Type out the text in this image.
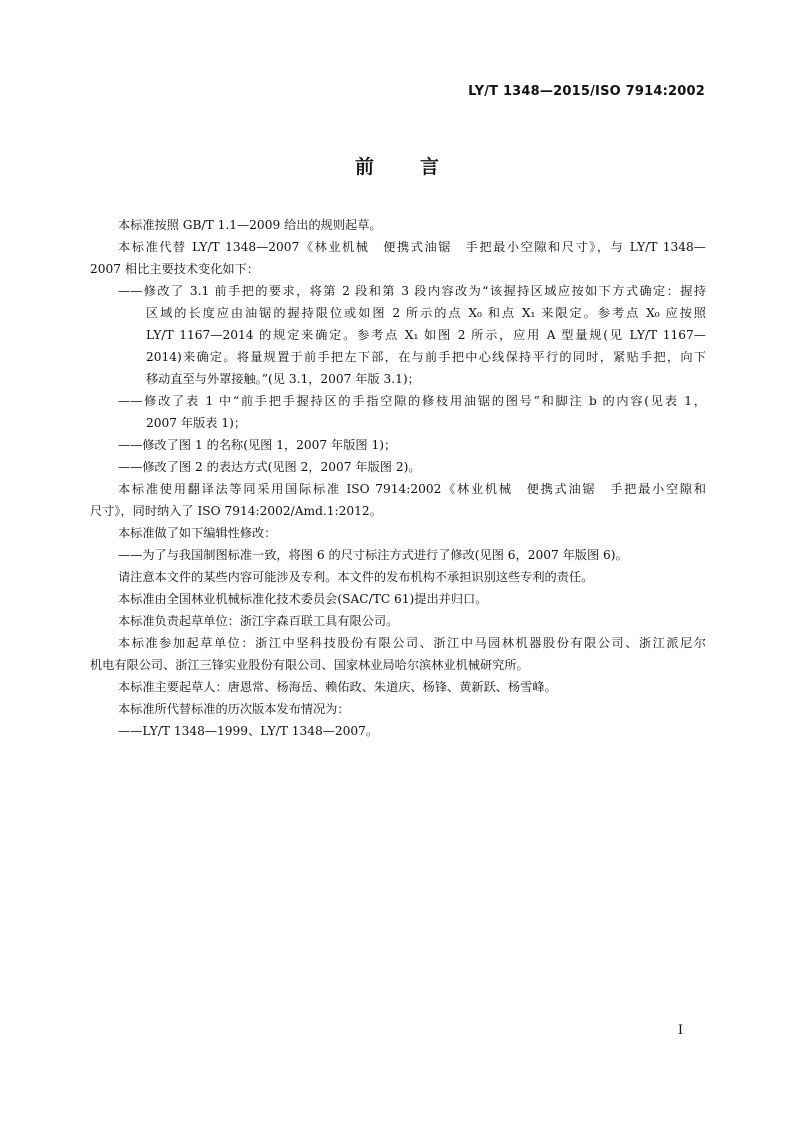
LY/T 1348—2015/ISO 7914:2002
前 言
本标准按照 GB/T 1.1—2009 给出的规则起草。
本标准代替 LY/T 1348—2007《林业机械　便携式油锯　手把最小空隙和尺寸》，与 LY/T 1348—
2007 相比主要技术变化如下：
——修改了 3.1 前手把的要求，将第 2 段和第 3 段内容改为“该握持区域应按如下方式确定：握持
区域的长度应由油锯的握持限位或如图 2 所示的点 X₀ 和点 X₁ 来限定。参考点 X₀ 应按照
LY/T 1167—2014 的规定来确定。参考点 X₁ 如图 2 所示，应用 A 型量规(见 LY/T 1167—
2014)来确定。将量规置于前手把左下部，在与前手把中心线保持平行的同时，紧贴手把，向下
移动直至与外罩接触。”(见 3.1，2007 年版 3.1)；
——修改了表 1 中“前手把手握持区的手指空隙的修枝用油锯的图号”和脚注 b 的内容(见表 1，
2007 年版表 1)；
——修改了图 1 的名称(见图 1，2007 年版图 1)；
——修改了图 2 的表达方式(见图 2，2007 年版图 2)。
本标准使用翻译法等同采用国际标准 ISO 7914:2002《林业机械　便携式油锯　手把最小空隙和
尺寸》，同时纳入了 ISO 7914:2002/Amd.1:2012。
本标准做了如下编辑性修改：
——为了与我国制图标准一致，将图 6 的尺寸标注方式进行了修改(见图 6，2007 年版图 6)。
请注意本文件的某些内容可能涉及专利。本文件的发布机构不承担识别这些专利的责任。
本标准由全国林业机械标准化技术委员会(SAC/TC 61)提出并归口。
本标准负责起草单位：浙江宇森百联工具有限公司。
本标准参加起草单位：浙江中坚科技股份有限公司、浙江中马园林机器股份有限公司、浙江派尼尔
机电有限公司、浙江三锋实业股份有限公司、国家林业局哈尔滨林业机械研究所。
本标准主要起草人：唐恩常、杨海岳、赖佑政、朱道庆、杨锋、黄新跃、杨雪峰。
本标准所代替标准的历次版本发布情况为：
——LY/T 1348—1999、LY/T 1348—2007。
I
